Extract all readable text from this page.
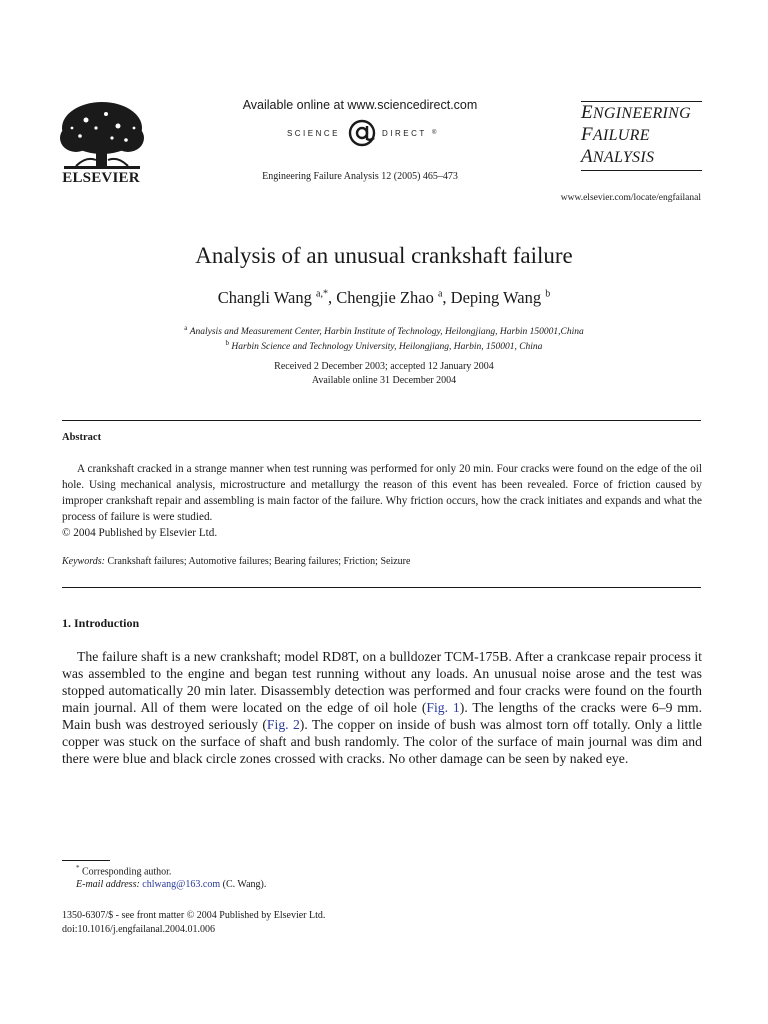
ELSEVIER
Available online at www.sciencedirect.com
SCIENCE	DIRECT ®
Engineering Failure Analysis 12 (2005) 465–473
ENGINEERING
FAILURE
ANALYSIS
www.elsevier.com/locate/engfailanal
Analysis of an unusual crankshaft failure
Changli Wang $^{a,*}$, Chengjie Zhao $^a$, Deping Wang $^b$
$^a$ Analysis and Measurement Center, Harbin Institute of Technology, Heilongjiang, Harbin 150001,China
$^b$ Harbin Science and Technology University, Heilongjiang, Harbin, 150001, China
Received 2 December 2003; accepted 12 January 2004
Available online 31 December 2004
Abstract
A crankshaft cracked in a strange manner when test running was performed for only 20 min. Four cracks were found on the edge of the oil hole. Using mechanical analysis, microstructure and metallurgy the reason of this event has been revealed. Force of friction caused by improper crankshaft repair and assembling is main factor of the failure. Why friction occurs, how the crack initiates and expands and what the process of failure is were studied.
© 2004 Published by Elsevier Ltd.
Keywords: Crankshaft failures; Automotive failures; Bearing failures; Friction; Seizure
1. Introduction
The failure shaft is a new crankshaft; model RD8T, on a bulldozer TCM-175B. After a crankcase repair process it was assembled to the engine and began test running without any loads. An unusual noise arose and the test was stopped automatically 20 min later. Disassembly detection was performed and four cracks were found on the fourth main journal. All of them were located on the edge of oil hole (Fig. 1). The lengths of the cracks were 6–9 mm. Main bush was destroyed seriously (Fig. 2). The copper on inside of bush was almost torn off totally. Only a little copper was stuck on the surface of shaft and bush randomly. The color of the surface of main journal was dim and there were blue and black circle zones crossed with cracks. No other damage can be seen by naked eye.
* Corresponding author.
E-mail address: chlwang@163.com (C. Wang).
1350-6307/$ - see front matter © 2004 Published by Elsevier Ltd.
doi:10.1016/j.engfailanal.2004.01.006
